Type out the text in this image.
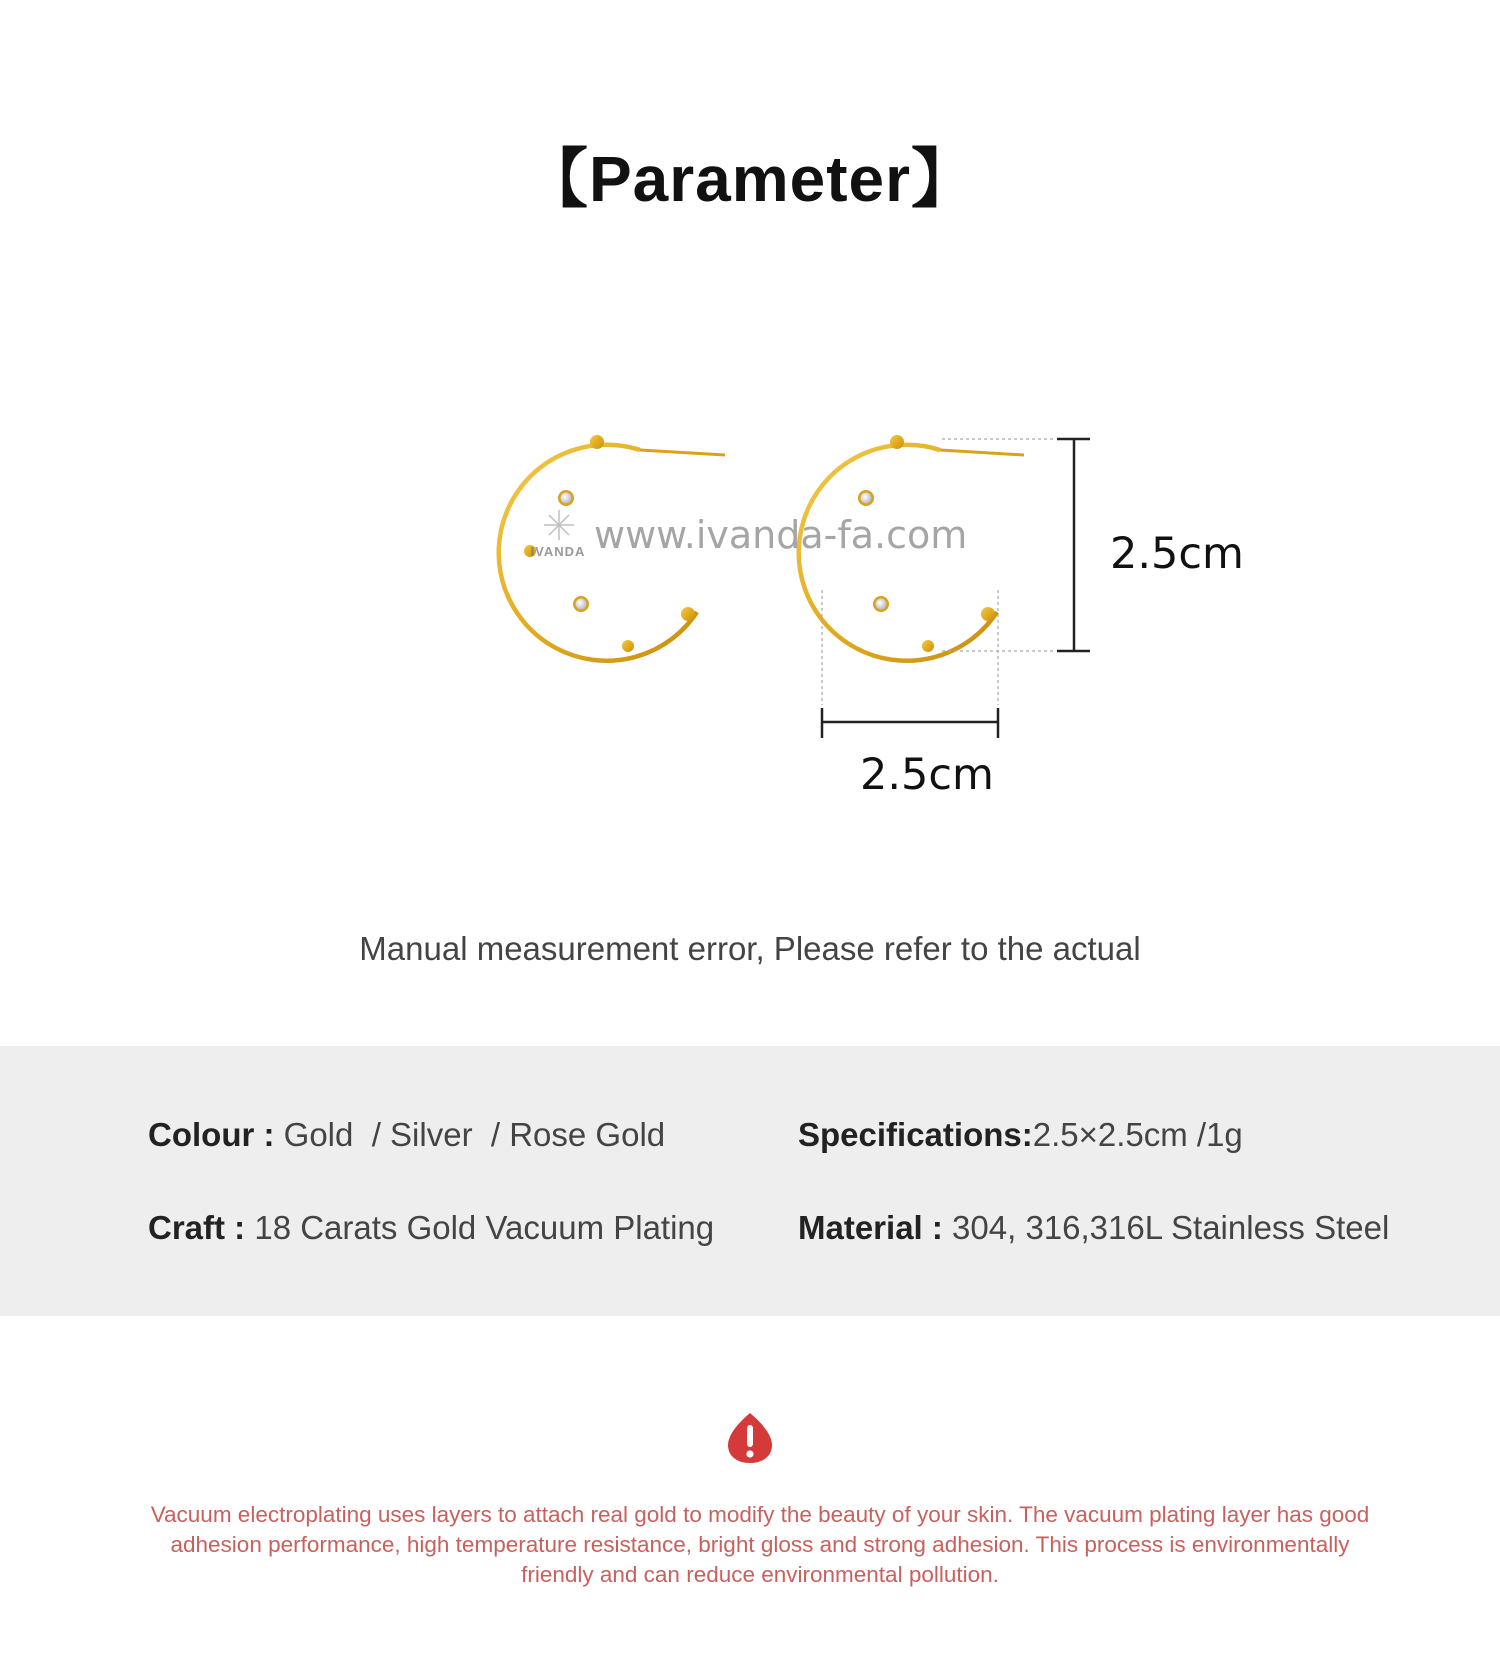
【Parameter】
IVANDA www.ivanda-fa.com	2.5cm
2.5cm
Manual measurement error, Please refer to the actual
Colour : Gold  / Silver  / Rose Gold	Specifications:2.5×2.5cm /1g
Craft : 18 Carats Gold Vacuum Plating	Material : 304, 316,316L Stainless Steel
Vacuum electroplating uses layers to attach real gold to modify the beauty of your skin. The vacuum plating layer has good adhesion performance, high temperature resistance, bright gloss and strong adhesion. This process is environmentally friendly and can reduce environmental pollution.
